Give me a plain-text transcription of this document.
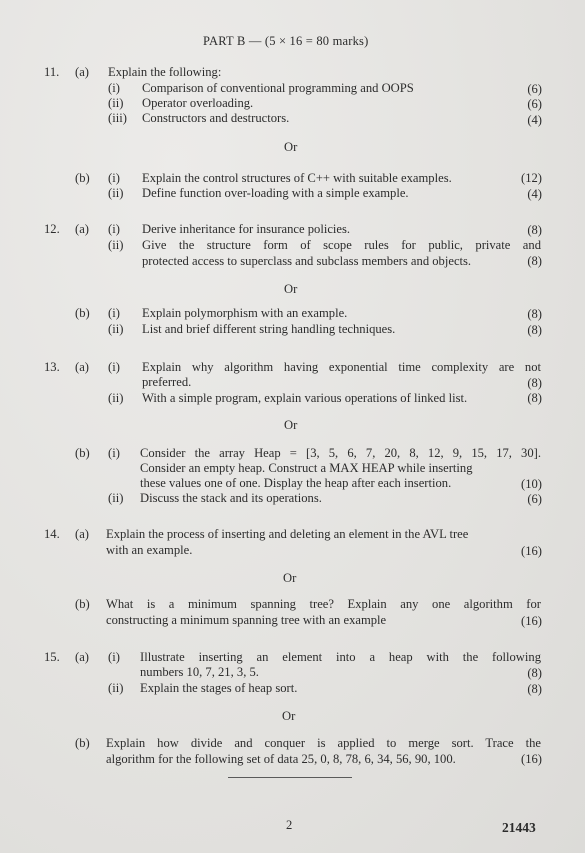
PART B — (5 × 16 = 80 marks)
11. (a) Explain the following:
(i) Comparison of conventional programming and OOPS	(6)
(ii) Operator overloading.	(6)
(iii) Constructors and destructors.	(4)
Or
(b) (i) Explain the control structures of C++ with suitable examples.	(12)
(ii) Define function over-loading with a simple example.	(4)
12. (a) (i) Derive inheritance for insurance policies.	(8)
(ii) Give the structure form of scope rules for public, private and
protected access to superclass and subclass members and objects.	(8)
Or
(b) (i) Explain polymorphism with an example.	(8)
(ii) List and brief different string handling techniques.	(8)
13. (a) (i) Explain why algorithm having exponential time complexity are not
preferred.	(8)
(ii) With a simple program, explain various operations of linked list.	(8)
Or
(b) (i) Consider the array Heap = [3, 5, 6, 7, 20, 8, 12, 9, 15, 17, 30].
Consider an empty heap. Construct a MAX HEAP while inserting
these values one of one. Display the heap after each insertion.	(10)
(ii) Discuss the stack and its operations.	(6)
14. (a) Explain the process of inserting and deleting an element in the AVL tree
with an example.	(16)
Or
(b) What is a minimum spanning tree? Explain any one algorithm for
constructing a minimum spanning tree with an example	(16)
15. (a) (i) Illustrate inserting an element into a heap with the following
numbers 10, 7, 21, 3, 5.	(8)
(ii) Explain the stages of heap sort.	(8)
Or
(b) Explain how divide and conquer is applied to merge sort. Trace the
algorithm for the following set of data 25, 0, 8, 78, 6, 34, 56, 90, 100.	(16)
2	21443
